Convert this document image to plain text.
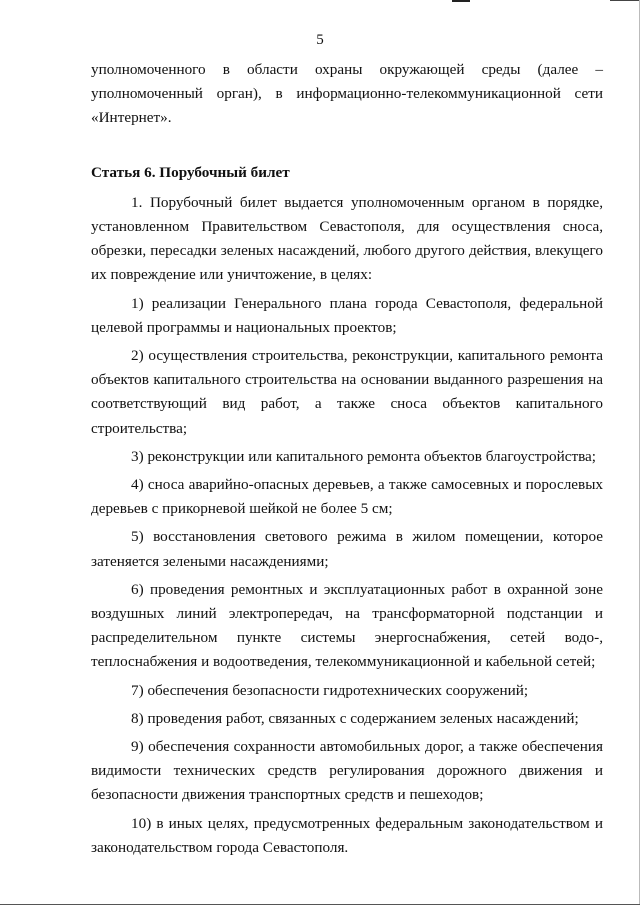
5

уполномоченного в области охраны окружающей среды (далее – уполномоченный орган), в информационно-телекоммуникационной сети «Интернет».

Статья 6. Порубочный билет

1. Порубочный билет выдается уполномоченным органом в порядке, установленном Правительством Севастополя, для осуществления сноса, обрезки, пересадки зеленых насаждений, любого другого действия, влекущего их повреждение или уничтожение, в целях:

1) реализации Генерального плана города Севастополя, федеральной целевой программы и национальных проектов;

2) осуществления строительства, реконструкции, капитального ремонта объектов капитального строительства на основании выданного разрешения на соответствующий вид работ, а также сноса объектов капитального строительства;

3) реконструкции или капитального ремонта объектов благоустройства;

4) сноса аварийно-опасных деревьев, а также самосевных и порослевых деревьев с прикорневой шейкой не более 5 см;

5) восстановления светового режима в жилом помещении, которое затеняется зелеными насаждениями;

6) проведения ремонтных и эксплуатационных работ в охранной зоне воздушных линий электропередач, на трансформаторной подстанции и распределительном пункте системы энергоснабжения, сетей водо-, теплоснабжения и водоотведения, телекоммуникационной и кабельной сетей;

7) обеспечения безопасности гидротехнических сооружений;

8) проведения работ, связанных с содержанием зеленых насаждений;

9) обеспечения сохранности автомобильных дорог, а также обеспечения видимости технических средств регулирования дорожного движения и безопасности движения транспортных средств и пешеходов;

10) в иных целях, предусмотренных федеральным законодательством и законодательством города Севастополя.
